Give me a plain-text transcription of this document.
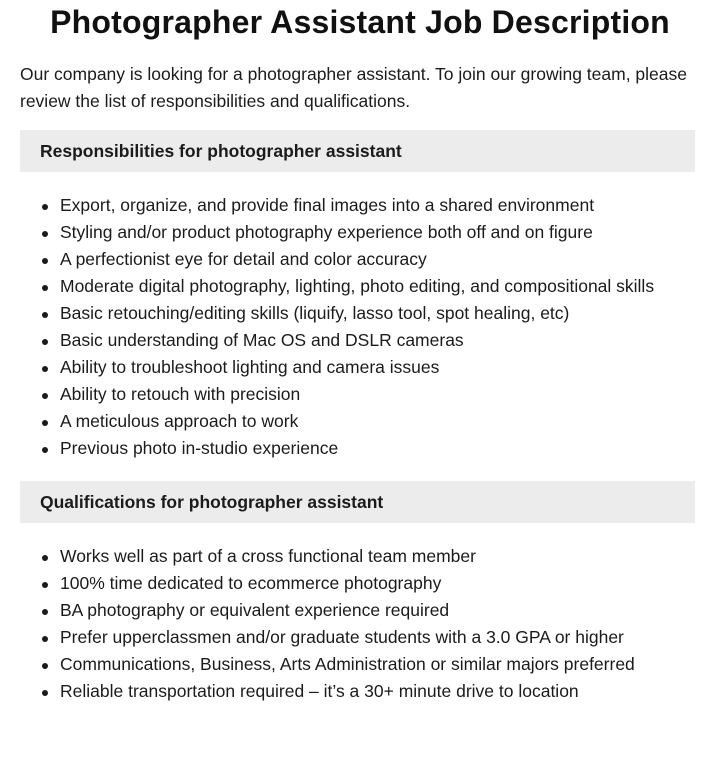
Photographer Assistant Job Description

Our company is looking for a photographer assistant. To join our growing team, please review the list of responsibilities and qualifications.

Responsibilities for photographer assistant
Export, organize, and provide final images into a shared environment
Styling and/or product photography experience both off and on figure
A perfectionist eye for detail and color accuracy
Moderate digital photography, lighting, photo editing, and compositional skills
Basic retouching/editing skills (liquify, lasso tool, spot healing, etc)
Basic understanding of Mac OS and DSLR cameras
Ability to troubleshoot lighting and camera issues
Ability to retouch with precision
A meticulous approach to work
Previous photo in-studio experience
Qualifications for photographer assistant
Works well as part of a cross functional team member
100% time dedicated to ecommerce photography
BA photography or equivalent experience required
Prefer upperclassmen and/or graduate students with a 3.0 GPA or higher
Communications, Business, Arts Administration or similar majors preferred
Reliable transportation required – it’s a 30+ minute drive to location
